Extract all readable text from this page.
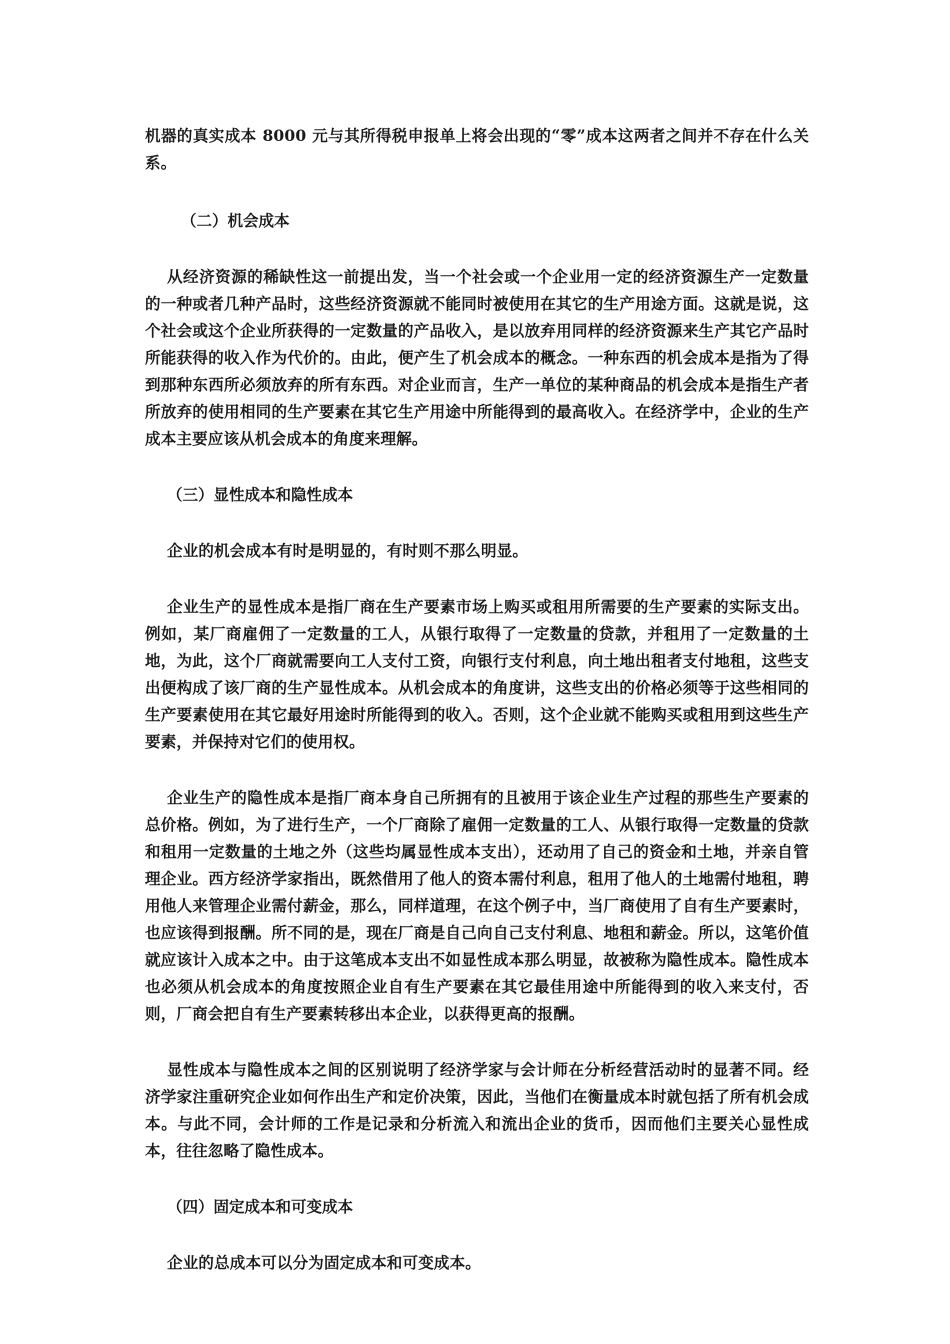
机器的真实成本 8000 元与其所得税申报单上将会出现的“零”成本这两者之间并不存在什么关系。

（二）机会成本

从经济资源的稀缺性这一前提出发，当一个社会或一个企业用一定的经济资源生产一定数量的一种或者几种产品时，这些经济资源就不能同时被使用在其它的生产用途方面。这就是说，这个社会或这个企业所获得的一定数量的产品收入，是以放弃用同样的经济资源来生产其它产品时所能获得的收入作为代价的。由此，便产生了机会成本的概念。一种东西的机会成本是指为了得到那种东西所必须放弃的所有东西。对企业而言，生产一单位的某种商品的机会成本是指生产者所放弃的使用相同的生产要素在其它生产用途中所能得到的最高收入。在经济学中，企业的生产成本主要应该从机会成本的角度来理解。

（三）显性成本和隐性成本

企业的机会成本有时是明显的，有时则不那么明显。

企业生产的显性成本是指厂商在生产要素市场上购买或租用所需要的生产要素的实际支出。例如，某厂商雇佣了一定数量的工人，从银行取得了一定数量的贷款，并租用了一定数量的土地，为此，这个厂商就需要向工人支付工资，向银行支付利息，向土地出租者支付地租，这些支出便构成了该厂商的生产显性成本。从机会成本的角度讲，这些支出的价格必须等于这些相同的生产要素使用在其它最好用途时所能得到的收入。否则，这个企业就不能购买或租用到这些生产要素，并保持对它们的使用权。

企业生产的隐性成本是指厂商本身自己所拥有的且被用于该企业生产过程的那些生产要素的总价格。例如，为了进行生产，一个厂商除了雇佣一定数量的工人、从银行取得一定数量的贷款和租用一定数量的土地之外（这些均属显性成本支出），还动用了自己的资金和土地，并亲自管理企业。西方经济学家指出，既然借用了他人的资本需付利息，租用了他人的土地需付地租，聘用他人来管理企业需付薪金，那么，同样道理，在这个例子中，当厂商使用了自有生产要素时，也应该得到报酬。所不同的是，现在厂商是自己向自己支付利息、地租和薪金。所以，这笔价值就应该计入成本之中。由于这笔成本支出不如显性成本那么明显，故被称为隐性成本。隐性成本也必须从机会成本的角度按照企业自有生产要素在其它最佳用途中所能得到的收入来支付，否则，厂商会把自有生产要素转移出本企业，以获得更高的报酬。

显性成本与隐性成本之间的区别说明了经济学家与会计师在分析经营活动时的显著不同。经济学家注重研究企业如何作出生产和定价决策，因此，当他们在衡量成本时就包括了所有机会成本。与此不同，会计师的工作是记录和分析流入和流出企业的货币，因而他们主要关心显性成本，往往忽略了隐性成本。

（四）固定成本和可变成本

企业的总成本可以分为固定成本和可变成本。
